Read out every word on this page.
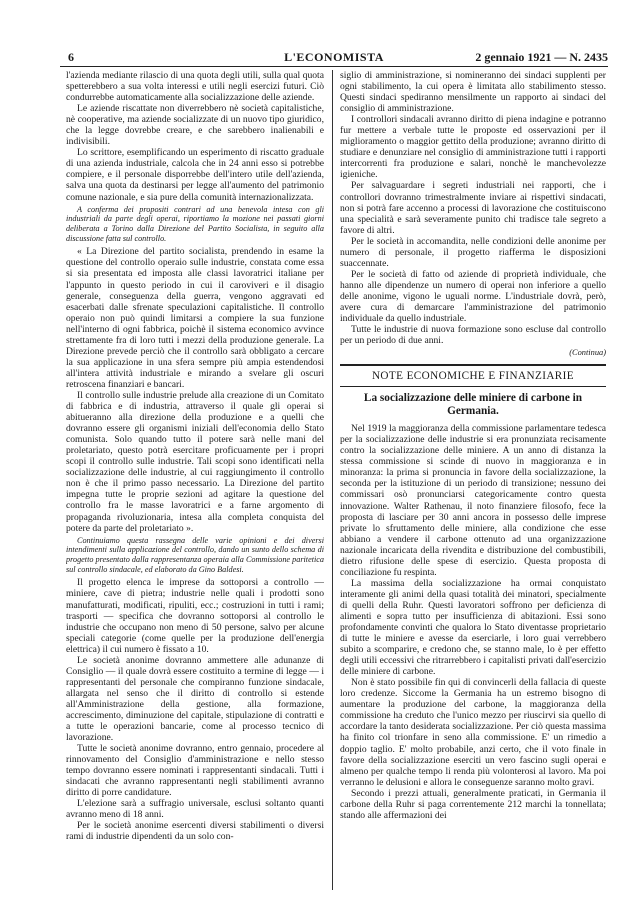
6	L'ECONOMISTA	2 gennaio 1921 — N. 2435

l'azienda mediante rilascio di una quota degli utili, sulla qual quota spetterebbero a sua volta interessi e utili negli esercizi futuri. Ciò condurrebbe automaticamente alla socializzazione delle aziende.

Le aziende riscattate non diverrebbero nè società capitalistiche, nè cooperative, ma aziende socializzate di un nuovo tipo giuridico, che la legge dovrebbe creare, e che sarebbero inalienabili e indivisibili.

Lo scrittore, esemplificando un esperimento di riscatto graduale di una azienda industriale, calcola che in 24 anni esso si potrebbe compiere, e il personale disporrebbe dell'intero utile dell'azienda, salva una quota da destinarsi per legge all'aumento del patrimonio comune nazionale, e sia pure della comunità internazionalizzata.

A conferma dei propositi contrari ad una benevola intesa con gli industriali da parte degli operai, riportiamo la mozione nei passati giorni deliberata a Torino dalla Direzione del Partito Socialista, in seguito alla discussione fatta sul controllo.

« La Direzione del partito socialista, prendendo in esame la questione del controllo operaio sulle industrie, constata come essa si sia presentata ed imposta alle classi lavoratrici italiane per l'appunto in questo periodo in cui il caroviveri e il disagio generale, conseguenza della guerra, vengono aggravati ed esacerbati dalle sfrenate speculazioni capitalistiche. Il controllo operaio non può quindi limitarsi a compiere la sua funzione nell'interno di ogni fabbrica, poichè il sistema economico avvince strettamente fra di loro tutti i mezzi della produzione generale. La Direzione prevede perciò che il controllo sarà obbligato a cercare la sua applicazione in una sfera sempre più ampia estendendosi all'intera attività industriale e mirando a svelare gli oscuri retroscena finanziari e bancari.

Il controllo sulle industrie prelude alla creazione di un Comitato di fabbrica e di industria, attraverso il quale gli operai si abitueranno alla direzione della produzione e a quelli che dovranno essere gli organismi iniziali dell'economia dello Stato comunista. Solo quando tutto il potere sarà nelle mani del proletariato, questo potrà esercitare proficuamente per i propri scopi il controllo sulle industrie. Tali scopi sono identificati nella socializzazione delle industrie, al cui raggiungimento il controllo non è che il primo passo necessario. La Direzione del partito impegna tutte le proprie sezioni ad agitare la questione del controllo fra le masse lavoratrici e a farne argomento di propaganda rivoluzionaria, intesa alla completa conquista del potere da parte del proletariato ».

Continuiamo questa rassegna delle varie opinioni e dei diversi intendimenti sulla applicazione del controllo, dando un sunto dello schema di progetto presentato dalla rappresentanza operaia alla Commissione paritetica sul controllo sindacale, ed elaborato da Gino Baldesi.

Il progetto elenca le imprese da sottoporsi a controllo — miniere, cave di pietra; industrie nelle quali i prodotti sono manufatturati, modificati, ripuliti, ecc.; costruzioni in tutti i rami; trasporti — specifica che dovranno sottoporsi al controllo le industrie che occupano non meno di 50 persone, salvo per alcune speciali categorie (come quelle per la produzione dell'energia elettrica) il cui numero è fissato a 10.

Le società anonime dovranno ammettere alle adunanze di Consiglio — il quale dovrà essere costituito a termine di legge — i rappresentanti del personale che compiranno funzione sindacale, allargata nel senso che il diritto di controllo si estende all'Amministrazione della gestione, alla formazione, accrescimento, diminuzione del capitale, stipulazione di contratti e a tutte le operazioni bancarie, come al processo tecnico di lavorazione.

Tutte le società anonime dovranno, entro gennaio, procedere al rinnovamento del Consiglio d'amministrazione e nello stesso tempo dovranno essere nominati i rappresentanti sindacali. Tutti i sindacati che avranno rappresentanti negli stabilimenti avranno diritto di porre candidature.

L'elezione sarà a suffragio universale, esclusi soltanto quanti avranno meno di 18 anni.

Per le società anonime esercenti diversi stabilimenti o diversi rami di industrie dipendenti da un solo con-

siglio di amministrazione, si nomineranno dei sindaci supplenti per ogni stabilimento, la cui opera è limitata allo stabilimento stesso. Questi sindaci spediranno mensilmente un rapporto ai sindaci del consiglio di amministrazione.

I controllori sindacali avranno diritto di piena indagine e potranno fur mettere a verbale tutte le proposte ed osservazioni per il miglioramento o maggior gettito della produzione; avranno diritto di studiare e denunziare nel consiglio di amministrazione tutti i rapporti intercorrenti fra produzione e salari, nonchè le manchevolezze igieniche.

Per salvaguardare i segreti industriali nei rapporti, che i controllori dovranno trimestralmente inviare ai rispettivi sindacati, non si potrà fare accenno a processi di lavorazione che costituiscono una specialità e sarà severamente punito chi tradisce tale segreto a favore di altri.

Per le società in accomandita, nelle condizioni delle anonime per numero di personale, il progetto riafferma le disposizioni suaccennate.

Per le società di fatto od aziende di proprietà individuale, che hanno alle dipendenze un numero di operai non inferiore a quello delle anonime, vigono le uguali norme. L'industriale dovrà, però, avere cura di demarcare l'amministrazione del patrimonio individuale da quello industriale.

Tutte le industrie di nuova formazione sono escluse dal controllo per un periodo di due anni.

(Continua)
NOTE ECONOMICHE E FINANZIARIE
La socializzazione delle miniere di carbone in Germania.

Nel 1919 la maggioranza della commissione parlamentare tedesca per la socializzazione delle industrie si era pronunziata recisamente contro la socializzazione delle miniere. A un anno di distanza la stessa commissione si scinde di nuovo in maggioranza e in minoranza: la prima si pronuncia in favore della socializzazione, la seconda per la istituzione di un periodo di transizione; nessuno dei commissari osò pronunciarsi categoricamente contro questa innovazione. Walter Rathenau, il noto finanziere filosofo, fece la proposta di lasciare per 30 anni ancora in possesso delle imprese private lo sfruttamento delle miniere, alla condizione che esse abbiano a vendere il carbone ottenuto ad una organizzazione nazionale incaricata della rivendita e distribuzione del combustibili, dietro rifusione delle spese di esercizio. Questa proposta di conciliazione fu respinta.

La massima della socializzazione ha ormai conquistato interamente gli animi della quasi totalità dei minatori, specialmente di quelli della Ruhr. Questi lavoratori soffrono per deficienza di alimenti e sopra tutto per insufficienza di abitazioni. Essi sono profondamente convinti che qualora lo Stato diventasse proprietario di tutte le miniere e avesse da eserciarle, i loro guai verrebbero subito a scomparire, e credono che, se stanno male, lo è per effetto degli utili eccessivi che ritrarrebbero i capitalisti privati dall'esercizio delle miniere di carbone.

Non è stato possibile fin qui di convincerli della fallacia di queste loro credenze. Siccome la Germania ha un estremo bisogno di aumentare la produzione del carbone, la maggioranza della commissione ha creduto che l'unico mezzo per riuscirvi sia quello di accordare la tanto desiderata socializzazione. Per ciò questa massima ha finito col trionfare in seno alla commissione. E' un rimedio a doppio taglio. E' molto probabile, anzi certo, che il voto finale in favore della socializzazione eserciti un vero fascino sugli operai e almeno per qualche tempo li renda più volonterosi al lavoro. Ma poi verranno le delusioni e allora le conseguenze saranno molto gravi.

Secondo i prezzi attuali, generalmente praticati, in Germania il carbone della Ruhr si paga correntemente 212 marchi la tonnellata; stando alle affermazioni dei
